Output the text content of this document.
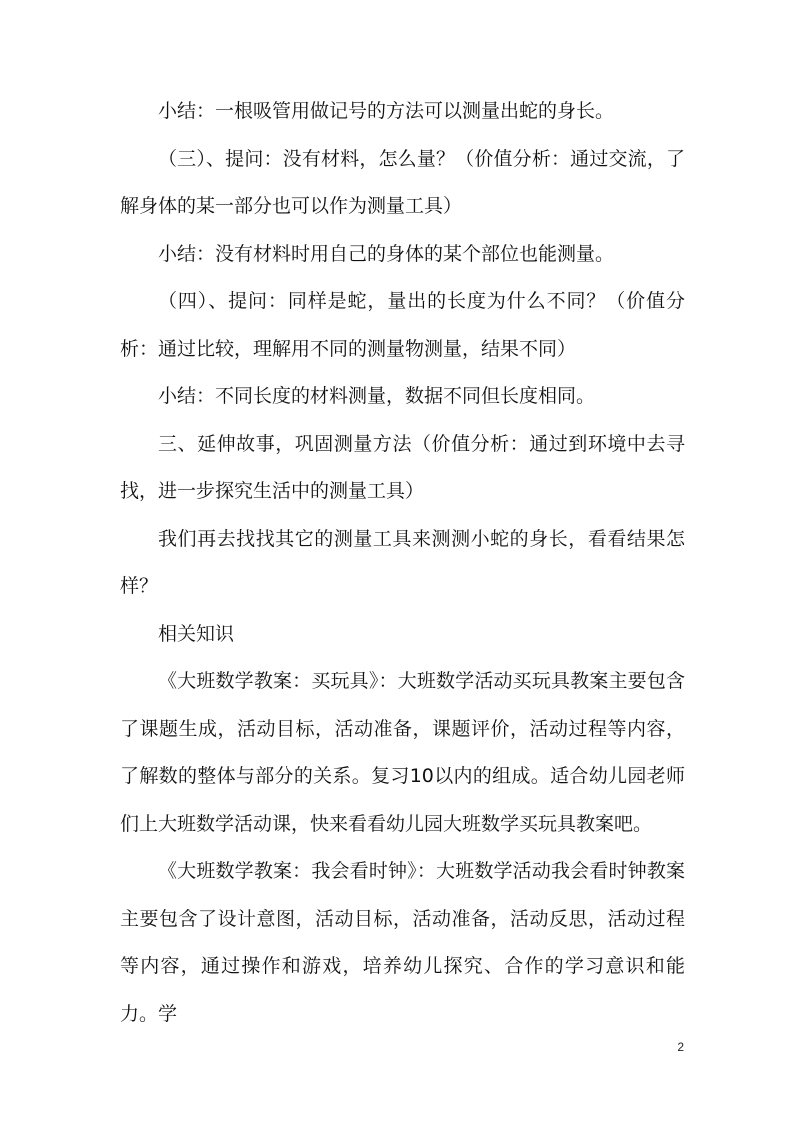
小结：一根吸管用做记号的方法可以测量出蛇的身长。

（三）、提问：没有材料，怎么量？（价值分析：通过交流，了解身体的某一部分也可以作为测量工具）

小结：没有材料时用自己的身体的某个部位也能测量。

（四）、提问：同样是蛇，量出的长度为什么不同？（价值分析：通过比较，理解用不同的测量物测量，结果不同）

小结：不同长度的材料测量，数据不同但长度相同。

三、延伸故事，巩固测量方法（价值分析：通过到环境中去寻找，进一步探究生活中的测量工具）

我们再去找找其它的测量工具来测测小蛇的身长，看看结果怎样？

相关知识

《大班数学教案：买玩具》：大班数学活动买玩具教案主要包含了课题生成，活动目标，活动准备，课题评价，活动过程等内容，了解数的整体与部分的关系。复习10以内的组成。适合幼儿园老师们上大班数学活动课，快来看看幼儿园大班数学买玩具教案吧。

《大班数学教案：我会看时钟》：大班数学活动我会看时钟教案主要包含了设计意图，活动目标，活动准备，活动反思，活动过程等内容，通过操作和游戏，培养幼儿探究、合作的学习意识和能力。学

2
